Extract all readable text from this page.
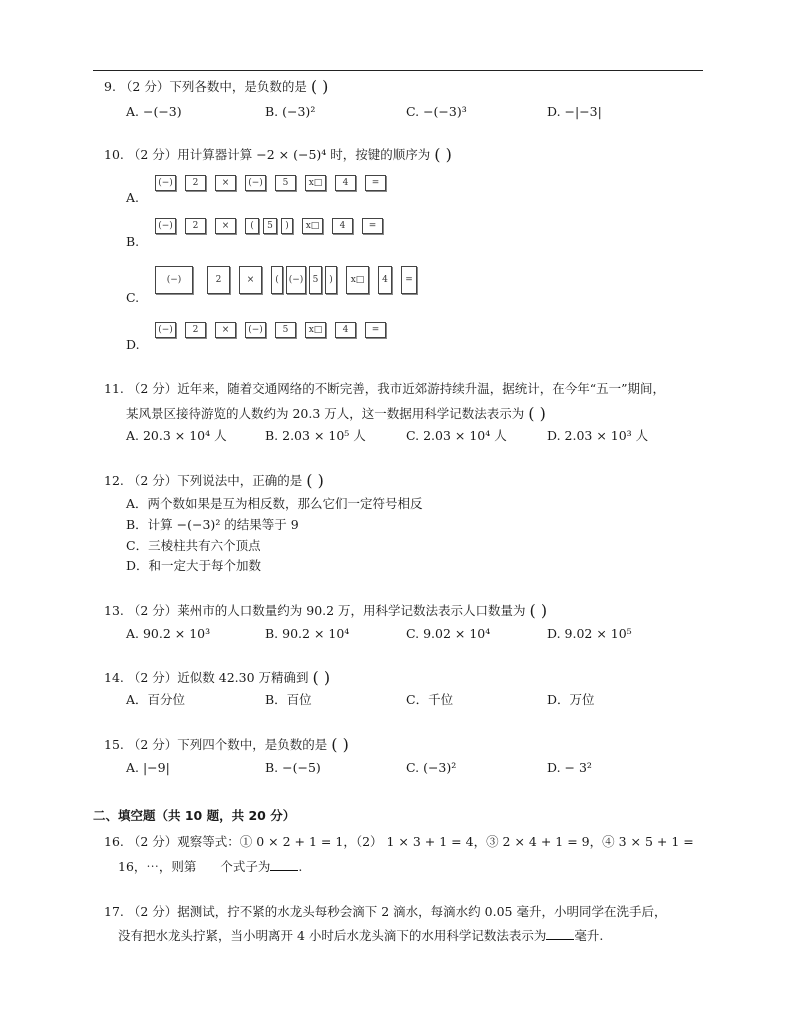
9. （2 分）下列各数中，是负数的是 ( )
A. −(−3)	B. (−3)²	C. −(−3)³	D. −|−3|
10. （2 分）用计算器计算 −2 × (−5)⁴ 时，按键的顺序为 ( )
A.
(−)	2	×	(−)	5	x□	4	=
B.
(−)	2	×	(	5	)	x□	4	=
C.
(−)	2	×	(	(−)	5	)	x□	4	=
D.
(−)	2	×	(−)	5	x□	4	=
11. （2 分）近年来，随着交通网络的不断完善，我市近郊游持续升温，据统计，在今年“五一”期间，
某风景区接待游览的人数约为 20.3 万人，这一数据用科学记数法表示为 ( )
A. 20.3 × 10⁴ 人	B. 2.03 × 10⁵ 人	C. 2.03 × 10⁴ 人	D. 2.03 × 10³ 人
12. （2 分）下列说法中，正确的是 ( )
A．两个数如果是互为相反数，那么它们一定符号相反
B．计算 −(−3)² 的结果等于 9
C．三棱柱共有六个顶点
D．和一定大于每个加数
13. （2 分）莱州市的人口数量约为 90.2 万，用科学记数法表示人口数量为 ( )
A. 90.2 × 10³	B. 90.2 × 10⁴	C. 9.02 × 10⁴	D. 9.02 × 10⁵
14. （2 分）近似数 42.30 万精确到 ( )
A．百分位	B．百位	C．千位	D．万位
15. （2 分）下列四个数中，是负数的是 ( )
A. |−9|	B. −(−5)	C. (−3)²	D. − 3²
二、填空题（共 10 题，共 20 分）
16. （2 分）观察等式：① 0 × 2 + 1 = 1，（2） 1 × 3 + 1 = 4，③ 2 × 4 + 1 = 9，④ 3 × 5 + 1 =
16，⋯，则第 个式子为 .
17. （2 分）据测试，拧不紧的水龙头每秒会滴下 2 滴水，每滴水约 0.05 毫升，小明同学在洗手后，
没有把水龙头拧紧，当小明离开 4 小时后水龙头滴下的水用科学记数法表示为 毫升.
